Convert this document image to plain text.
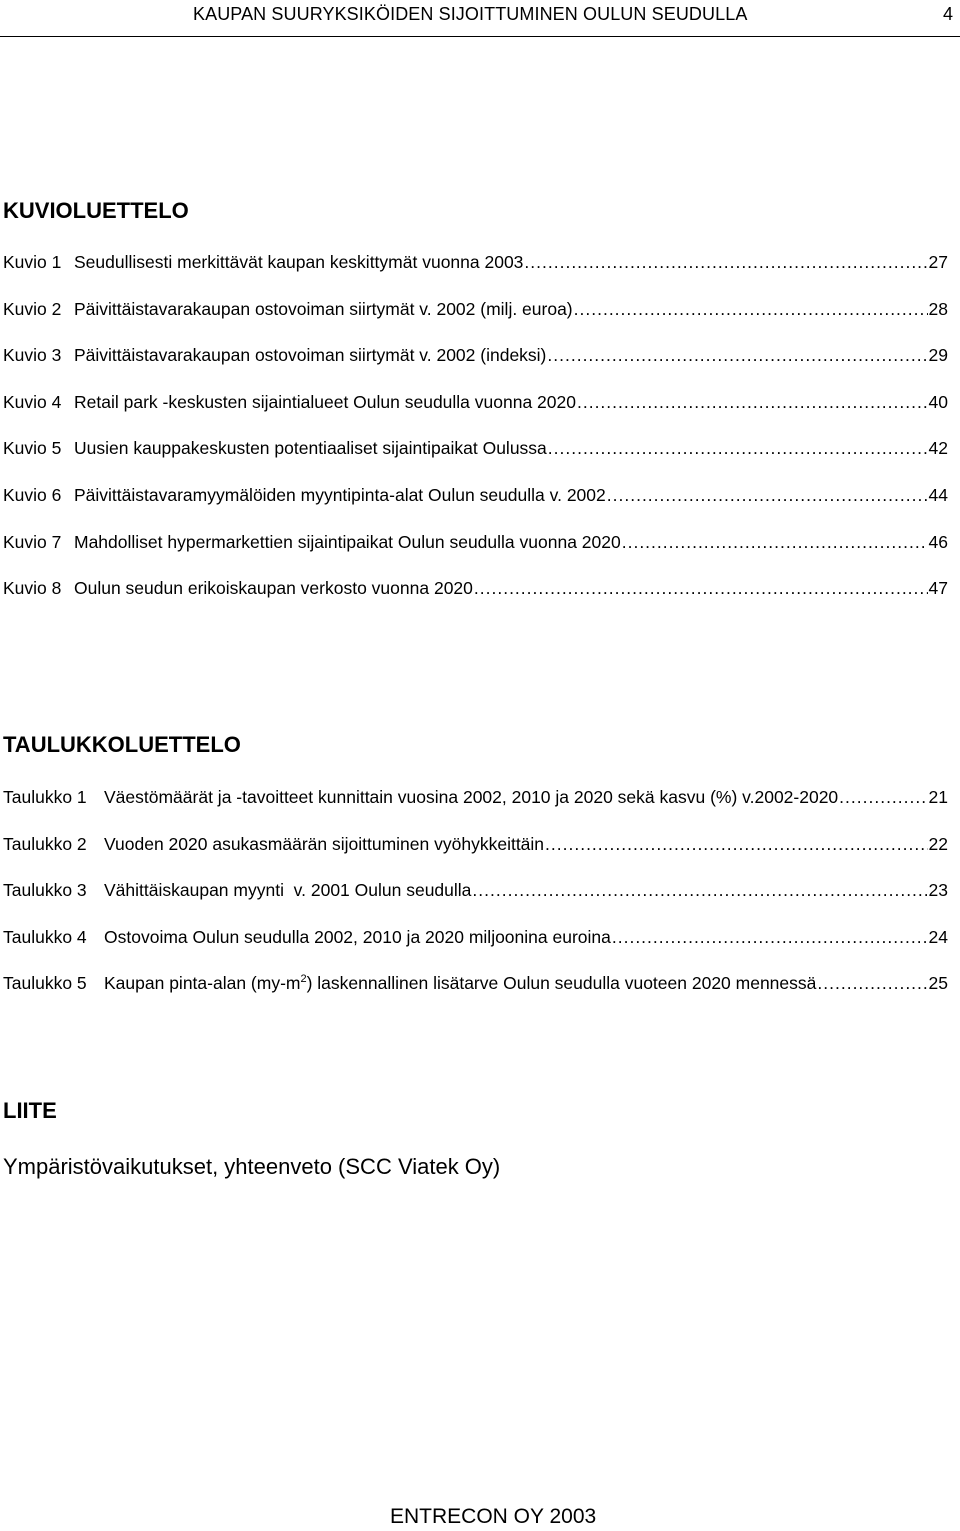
KAUPAN SUURYKSIKÖIDEN SIJOITTUMINEN OULUN SEUDULLA	4
KUVIOLUETTELO
Kuvio 1 Seudullisesti merkittävät kaupan keskittymät vuonna 2003 .....	27
Kuvio 2 Päivittäistavarakaupan ostovoiman siirtymät v. 2002 (milj. euroa) .....	28
Kuvio 3 Päivittäistavarakaupan ostovoiman siirtymät v. 2002 (indeksi) .....	29
Kuvio 4 Retail park -keskusten sijaintialueet Oulun seudulla vuonna 2020 .....	40
Kuvio 5 Uusien kauppakeskusten potentiaaliset sijaintipaikat Oulussa .....	42
Kuvio 6 Päivittäistavaramyymälöiden myyntipinta-alat Oulun seudulla v. 2002 .....	44
Kuvio 7 Mahdolliset hypermarkettien sijaintipaikat Oulun seudulla vuonna 2020 .....	46
Kuvio 8 Oulun seudun erikoiskaupan verkosto vuonna 2020 .....	47
TAULUKKOLUETTELO
Taulukko 1 Väestömäärät ja -tavoitteet kunnittain vuosina 2002, 2010 ja 2020 sekä kasvu (%) v.2002-2020 .....	21
Taulukko 2 Vuoden 2020 asukasmäärän sijoittuminen vyöhykkeittäin .....	22
Taulukko 3 Vähittäiskaupan myynti  v. 2001 Oulun seudulla .....	23
Taulukko 4 Ostovoima Oulun seudulla 2002, 2010 ja 2020 miljoonina euroina .....	24
Taulukko 5 Kaupan pinta-alan $(my-m^2)$ laskennallinen lisätarve Oulun seudulla vuoteen 2020 mennessä .....	25
LIITE
Ympäristövaikutukset, yhteenveto (SCC Viatek Oy)
ENTRECON OY 2003
